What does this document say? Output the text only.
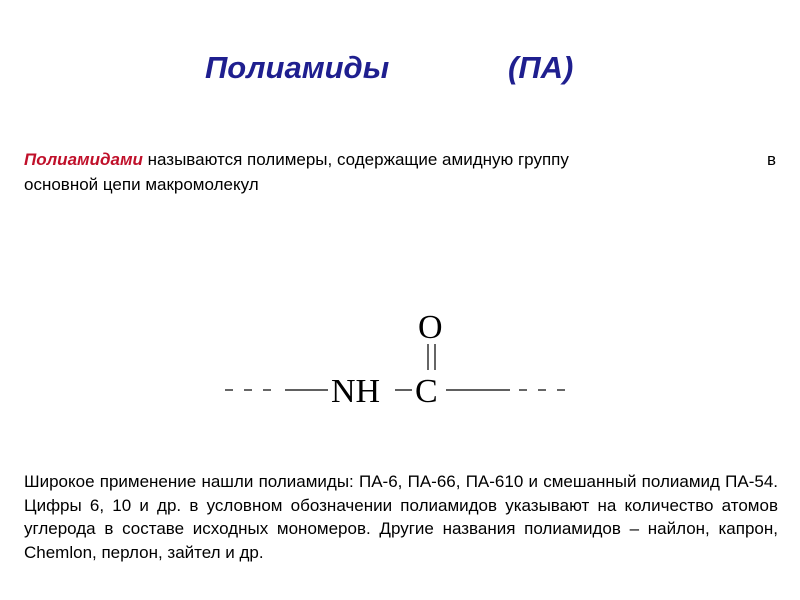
Полиамиды	(ПА)
Полиамидами называются полимеры, содержащие амидную группу	в
основной цепи макромолекул
NH C
O
Широкое применение нашли полиамиды: ПА-6, ПА-66, ПА-610 и смешанный полиамид ПА-54. Цифры 6, 10 и др. в условном обозначении полиамидов указывают на количество атомов углерода в составе исходных мономеров. Другие названия полиамидов – найлон, капрон, Chemlon, перлон, зайтел и др.
